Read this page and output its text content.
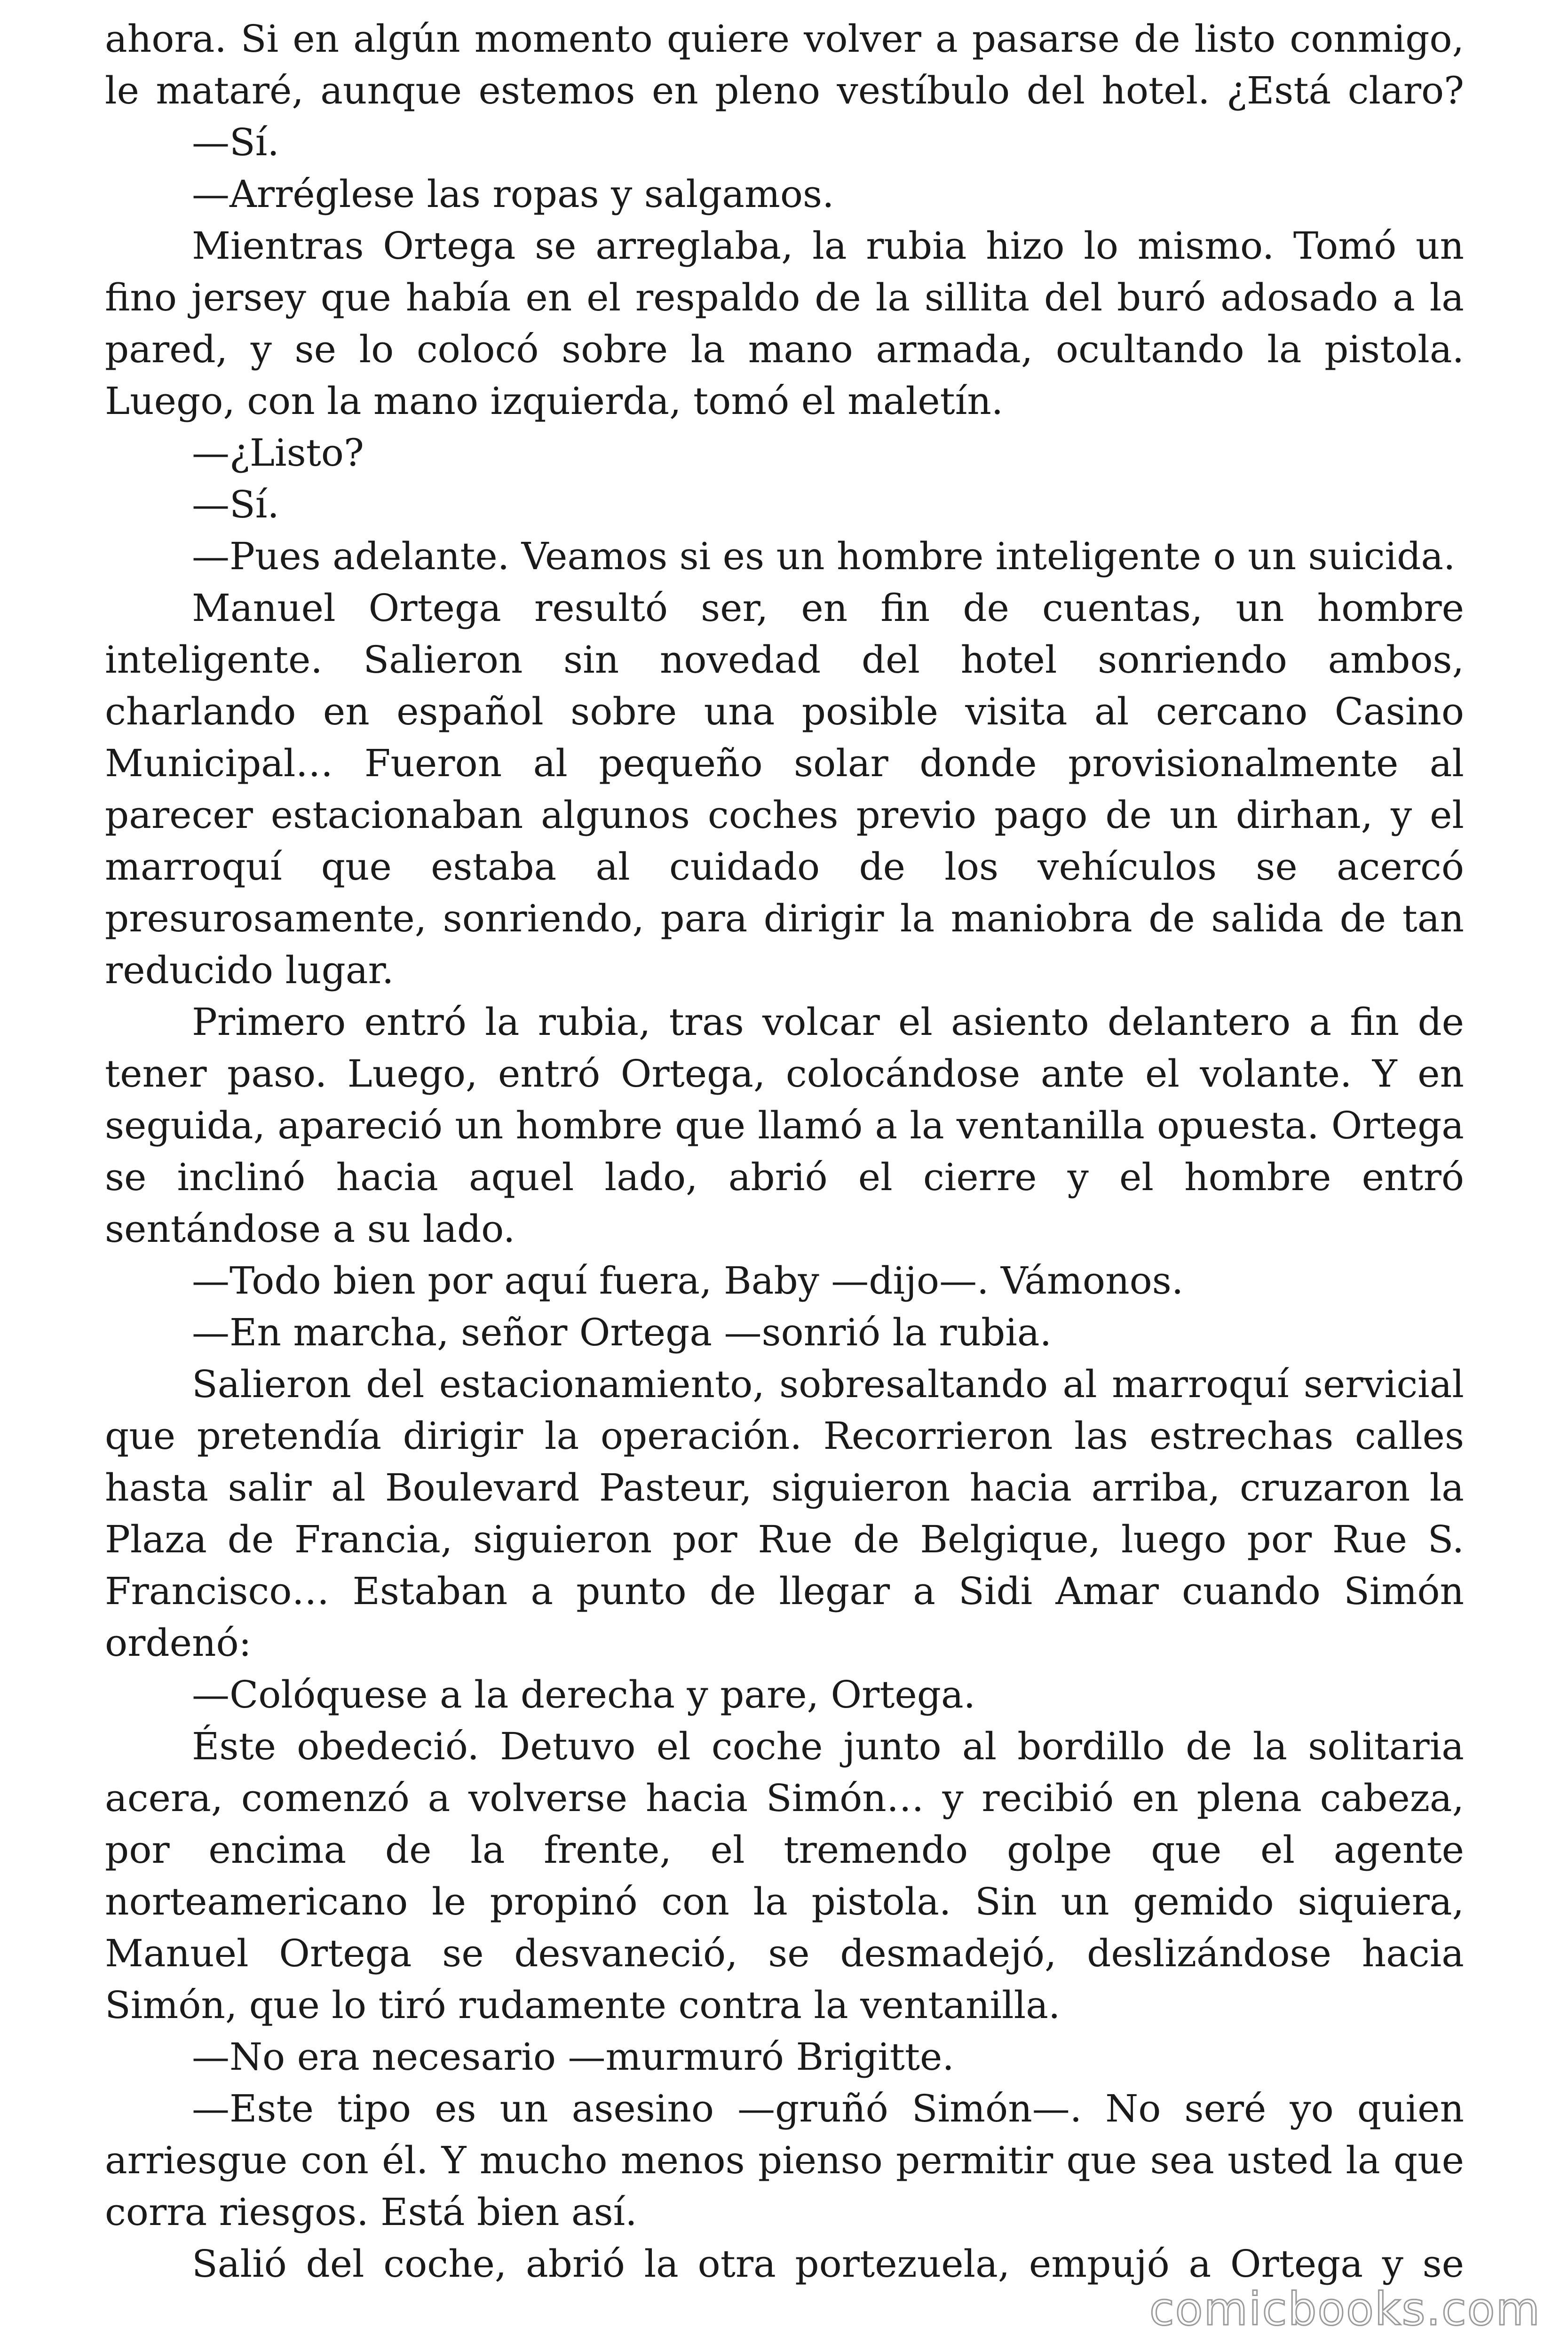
ahora. Si en algún momento quiere volver a pasarse de listo conmigo,
le mataré, aunque estemos en pleno vestíbulo del hotel. ¿Está claro?
—Sí.
—Arréglese las ropas y salgamos.
Mientras Ortega se arreglaba, la rubia hizo lo mismo. Tomó un
fino jersey que había en el respaldo de la sillita del buró adosado a la
pared, y se lo colocó sobre la mano armada, ocultando la pistola.
Luego, con la mano izquierda, tomó el maletín.
—¿Listo?
—Sí.
—Pues adelante. Veamos si es un hombre inteligente o un suicida.
Manuel Ortega resultó ser, en fin de cuentas, un hombre
inteligente. Salieron sin novedad del hotel sonriendo ambos,
charlando en español sobre una posible visita al cercano Casino
Municipal… Fueron al pequeño solar donde provisionalmente al
parecer estacionaban algunos coches previo pago de un dirhan, y el
marroquí que estaba al cuidado de los vehículos se acercó
presurosamente, sonriendo, para dirigir la maniobra de salida de tan
reducido lugar.
Primero entró la rubia, tras volcar el asiento delantero a fin de
tener paso. Luego, entró Ortega, colocándose ante el volante. Y en
seguida, apareció un hombre que llamó a la ventanilla opuesta. Ortega
se inclinó hacia aquel lado, abrió el cierre y el hombre entró
sentándose a su lado.
—Todo bien por aquí fuera, Baby —dijo—. Vámonos.
—En marcha, señor Ortega —sonrió la rubia.
Salieron del estacionamiento, sobresaltando al marroquí servicial
que pretendía dirigir la operación. Recorrieron las estrechas calles
hasta salir al Boulevard Pasteur, siguieron hacia arriba, cruzaron la
Plaza de Francia, siguieron por Rue de Belgique, luego por Rue S.
Francisco… Estaban a punto de llegar a Sidi Amar cuando Simón
ordenó:
—Colóquese a la derecha y pare, Ortega.
Éste obedeció. Detuvo el coche junto al bordillo de la solitaria
acera, comenzó a volverse hacia Simón… y recibió en plena cabeza,
por encima de la frente, el tremendo golpe que el agente
norteamericano le propinó con la pistola. Sin un gemido siquiera,
Manuel Ortega se desvaneció, se desmadejó, deslizándose hacia
Simón, que lo tiró rudamente contra la ventanilla.
—No era necesario —murmuró Brigitte.
—Este tipo es un asesino —gruñó Simón—. No seré yo quien
arriesgue con él. Y mucho menos pienso permitir que sea usted la que
corra riesgos. Está bien así.
Salió del coche, abrió la otra portezuela, empujó a Ortega y se
comicbooks.com
